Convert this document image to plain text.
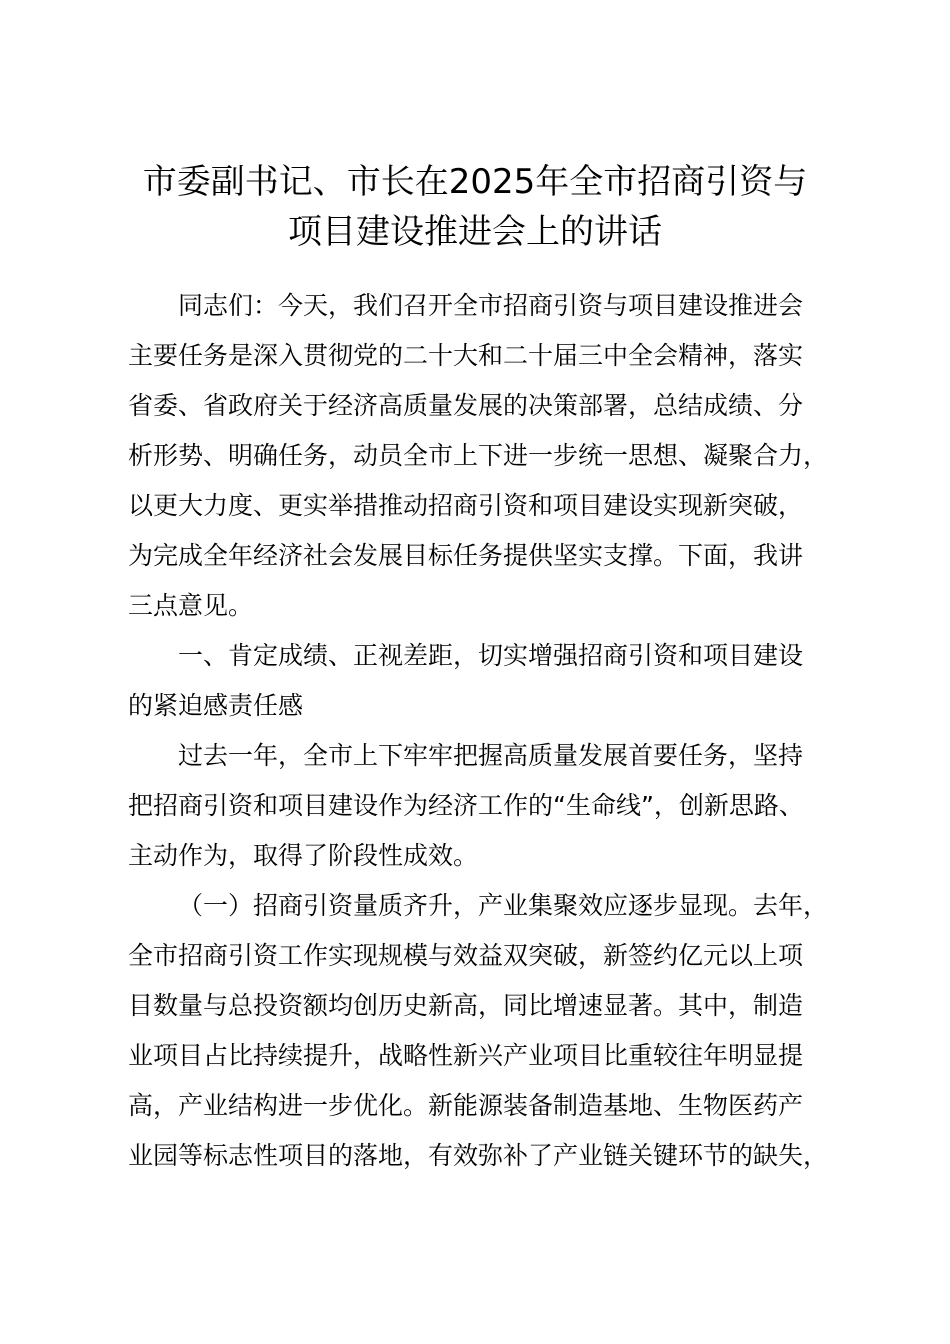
市委副书记、市长在2025年全市招商引资与
项目建设推进会上的讲话

同志们：今天，我们召开全市招商引资与项目建设推进会

主要任务是深入贯彻党的二十大和二十届三中全会精神，落实

省委、省政府关于经济高质量发展的决策部署，总结成绩、分

析形势、明确任务，动员全市上下进一步统一思想、凝聚合力，

以更大力度、更实举措推动招商引资和项目建设实现新突破，

为完成全年经济社会发展目标任务提供坚实支撑。下面，我讲

三点意见。

一、肯定成绩、正视差距，切实增强招商引资和项目建设

的紧迫感责任感

过去一年，全市上下牢牢把握高质量发展首要任务，坚持

把招商引资和项目建设作为经济工作的“生命线”，创新思路、

主动作为，取得了阶段性成效。

（一）招商引资量质齐升，产业集聚效应逐步显现。去年，

全市招商引资工作实现规模与效益双突破，新签约亿元以上项

目数量与总投资额均创历史新高，同比增速显著。其中，制造

业项目占比持续提升，战略性新兴产业项目比重较往年明显提

高，产业结构进一步优化。新能源装备制造基地、生物医药产

业园等标志性项目的落地，有效弥补了产业链关键环节的缺失，
